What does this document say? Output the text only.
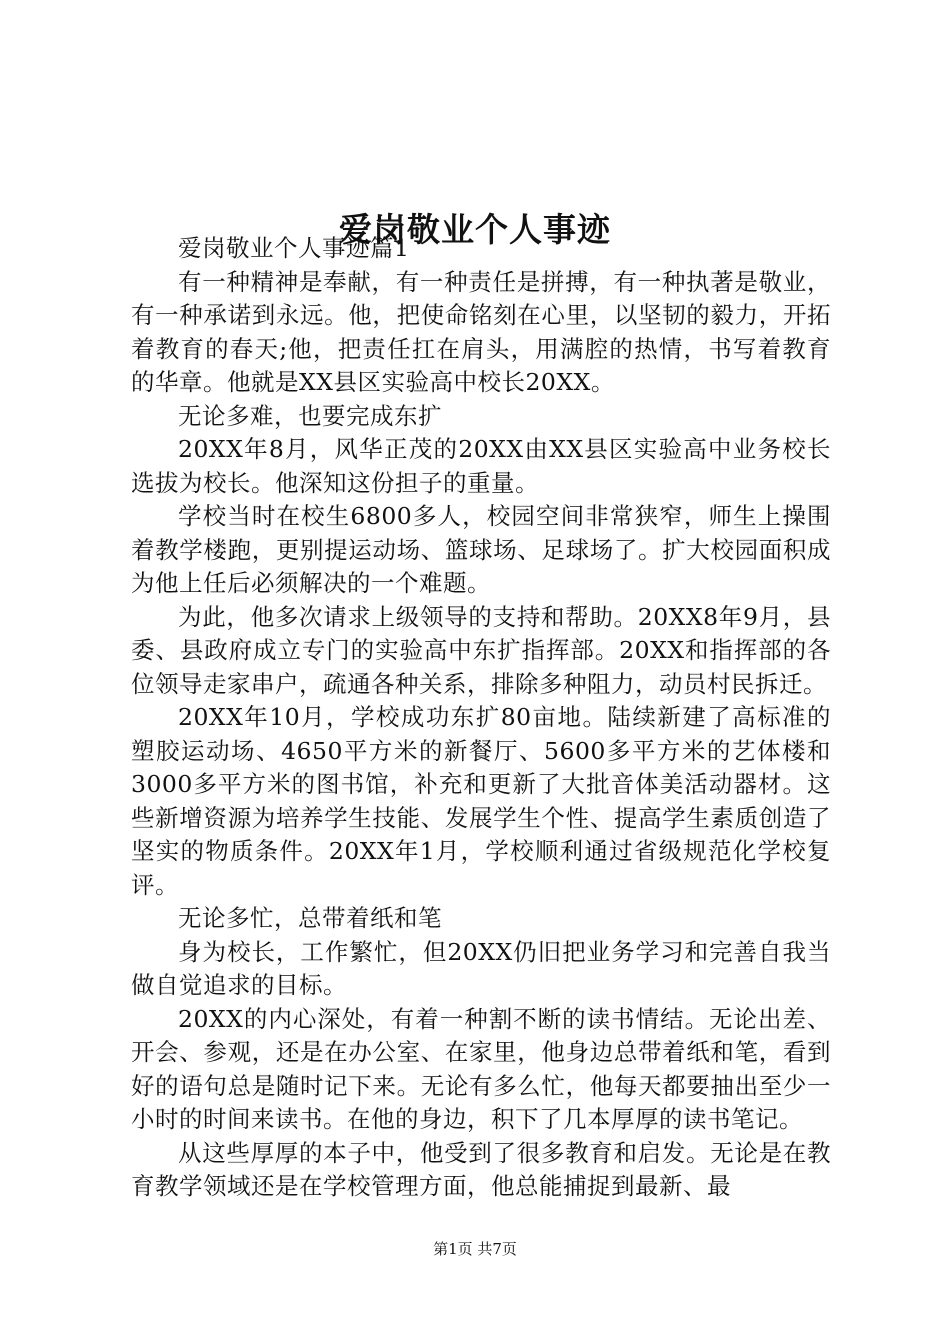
爱岗敬业个人事迹

爱岗敬业个人事迹篇1

有一种精神是奉献，有一种责任是拼搏，有一种执著是敬业，有一种承诺到永远。他，把使命铭刻在心里，以坚韧的毅力，开拓着教育的春天;他，把责任扛在肩头，用满腔的热情，书写着教育的华章。他就是XX县区实验高中校长20XX。

无论多难，也要完成东扩

20XX年8月，风华正茂的20XX由XX县区实验高中业务校长选拔为校长。他深知这份担子的重量。

学校当时在校生6800多人，校园空间非常狭窄，师生上操围着教学楼跑，更别提运动场、篮球场、足球场了。扩大校园面积成为他上任后必须解决的一个难题。

为此，他多次请求上级领导的支持和帮助。20XX8年9月，县委、县政府成立专门的实验高中东扩指挥部。20XX和指挥部的各位领导走家串户，疏通各种关系，排除多种阻力，动员村民拆迁。

20XX年10月，学校成功东扩80亩地。陆续新建了高标准的塑胶运动场、4650平方米的新餐厅、5600多平方米的艺体楼和3000多平方米的图书馆，补充和更新了大批音体美活动器材。这些新增资源为培养学生技能、发展学生个性、提高学生素质创造了坚实的物质条件。20XX年1月，学校顺利通过省级规范化学校复评。

无论多忙，总带着纸和笔

身为校长，工作繁忙，但20XX仍旧把业务学习和完善自我当做自觉追求的目标。

20XX的内心深处，有着一种割不断的读书情结。无论出差、开会、参观，还是在办公室、在家里，他身边总带着纸和笔，看到好的语句总是随时记下来。无论有多么忙，他每天都要抽出至少一小时的时间来读书。在他的身边，积下了几本厚厚的读书笔记。

从这些厚厚的本子中，他受到了很多教育和启发。无论是在教育教学领域还是在学校管理方面，他总能捕捉到最新、最

第1页 共7页
